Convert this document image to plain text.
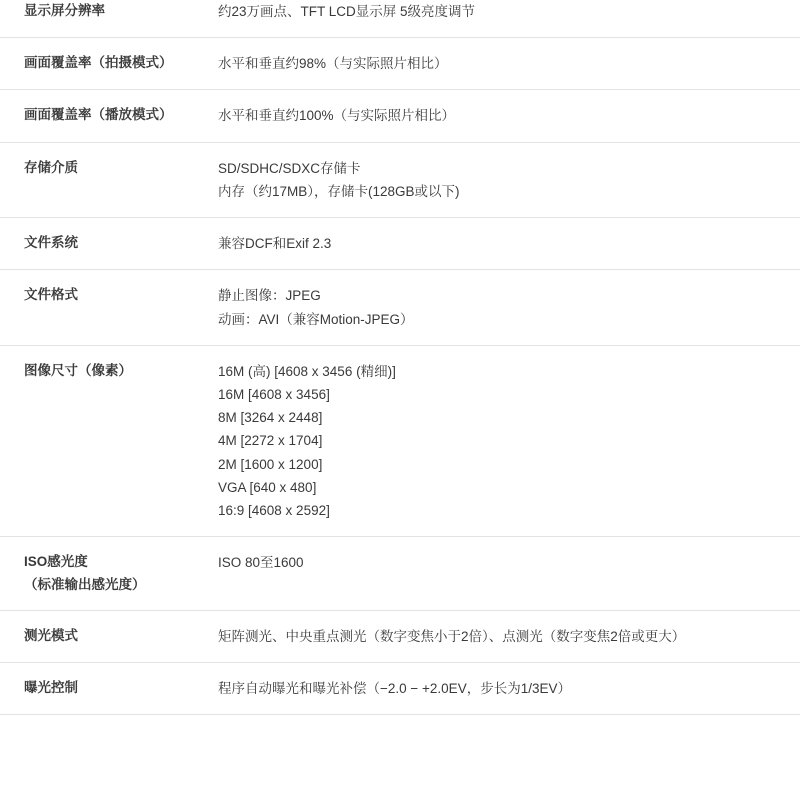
显示屏分辨率	约23万画点、TFT LCD显示屏 5级亮度调节

画面覆盖率（拍摄模式）	水平和垂直约98%（与实际照片相比）

画面覆盖率（播放模式）	水平和垂直约100%（与实际照片相比）

存储介质	SD/SDHC/SDXC存储卡
内存（约17MB），存储卡(128GB或以下)

文件系统	兼容DCF和Exif 2.3

文件格式	静止图像：JPEG
动画：AVI（兼容Motion-JPEG）

图像尺寸（像素）	16M (高) [4608 x 3456 (精细)]
16M [4608 x 3456]
8M [3264 x 2448]
4M [2272 x 1704]
2M [1600 x 1200]
VGA [640 x 480]
16:9 [4608 x 2592]

ISO感光度
（标准输出感光度）	ISO 80至1600

测光模式	矩阵测光、中央重点测光（数字变焦小于2倍）、点测光（数字变焦2倍或更大）

曝光控制	程序自动曝光和曝光补偿（−2.0 − +2.0EV，步长为1/3EV）
